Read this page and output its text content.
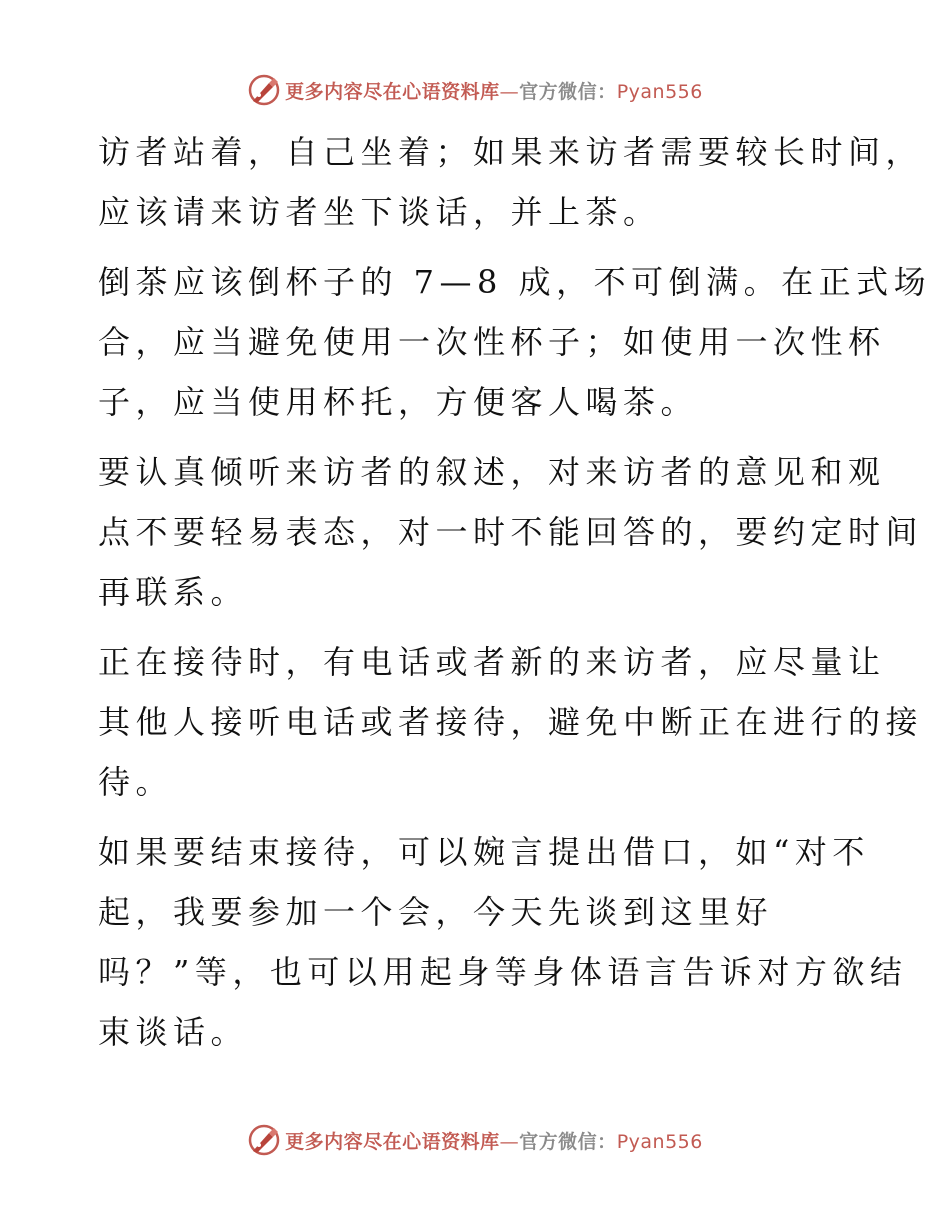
更多内容尽在心语资料库—官方微信：Pyan556
访者站着，自己坐着；如果来访者需要较长时间，
应该请来访者坐下谈话，并上茶。
倒茶应该倒杯子的 7—8 成，不可倒满。在正式场
合，应当避免使用一次性杯子；如使用一次性杯
子，应当使用杯托，方便客人喝茶。
要认真倾听来访者的叙述，对来访者的意见和观
点不要轻易表态，对一时不能回答的，要约定时间
再联系。
正在接待时，有电话或者新的来访者，应尽量让
其他人接听电话或者接待，避免中断正在进行的接
待。
如果要结束接待，可以婉言提出借口，如“对不
起，我要参加一个会，今天先谈到这里好
吗？”等，也可以用起身等身体语言告诉对方欲结
束谈话。
更多内容尽在心语资料库—官方微信：Pyan556
